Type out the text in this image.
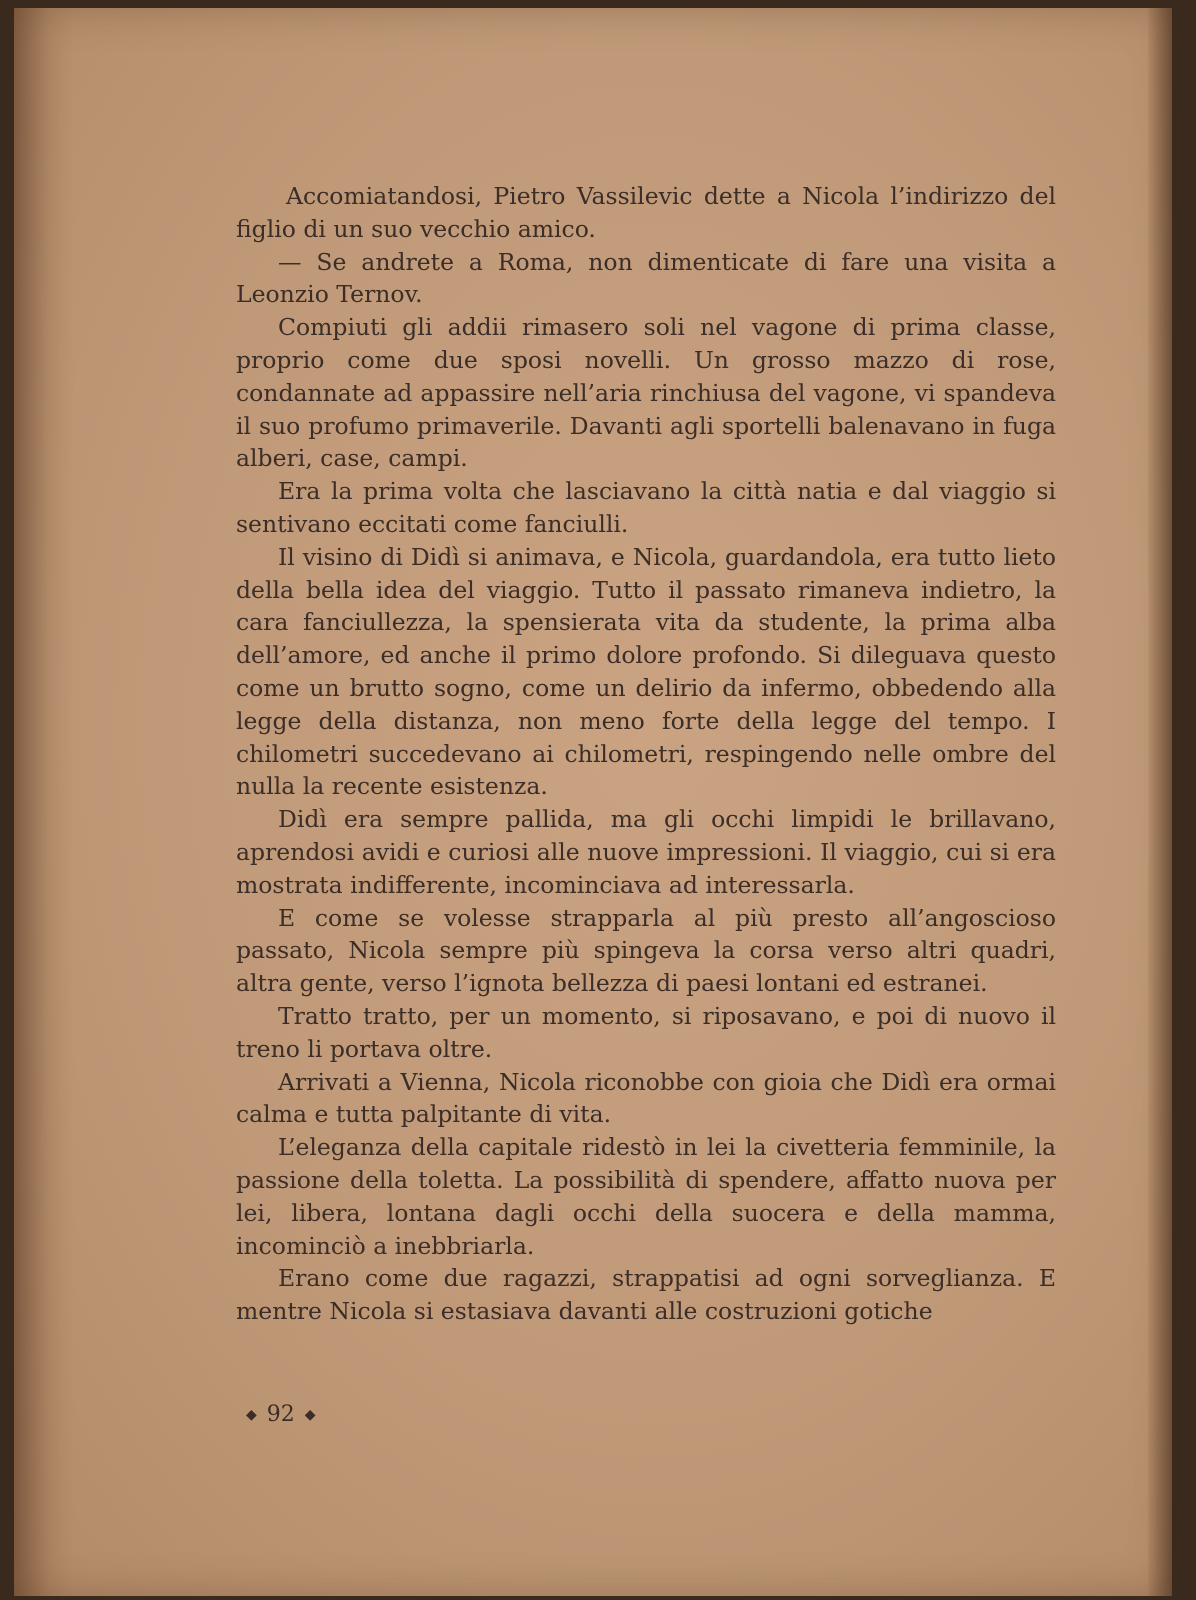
Accomiatandosi, Pietro Vassilevic dette a Nicola l’indirizzo del figlio di un suo vecchio amico.

— Se andrete a Roma, non dimenticate di fare una visita a Leonzio Ternov.

Compiuti gli addii rimasero soli nel vagone di prima classe, proprio come due sposi novelli. Un grosso mazzo di rose, condannate ad appassire nell’aria rinchiusa del vagone, vi spandeva il suo profumo primaverile. Davanti agli sportelli balenavano in fuga alberi, case, campi.

Era la prima volta che lasciavano la città natia e dal viaggio si sentivano eccitati come fanciulli.

Il visino di Didì si animava, e Nicola, guardandola, era tutto lieto della bella idea del viaggio. Tutto il passato rimaneva indietro, la cara fanciullezza, la spensierata vita da studente, la prima alba dell’amore, ed anche il primo dolore profondo. Si dileguava questo come un brutto sogno, come un delirio da infermo, obbedendo alla legge della distanza, non meno forte della legge del tempo. I chilometri succedevano ai chilometri, respingendo nelle ombre del nulla la recente esistenza.

Didì era sempre pallida, ma gli occhi limpidi le brillavano, aprendosi avidi e curiosi alle nuove impressioni. Il viaggio, cui si era mostrata indifferente, incominciava ad interessarla.

E come se volesse strapparla al più presto all’angoscioso passato, Nicola sempre più spingeva la corsa verso altri quadri, altra gente, verso l’ignota bellezza di paesi lontani ed estranei.

Tratto tratto, per un momento, si riposavano, e poi di nuovo il treno li portava oltre.

Arrivati a Vienna, Nicola riconobbe con gioia che Didì era ormai calma e tutta palpitante di vita.

L’eleganza della capitale ridestò in lei la civetteria femminile, la passione della toletta. La possibilità di spendere, affatto nuova per lei, libera, lontana dagli occhi della suocera e della mamma, incominciò a inebbriarla.

Erano come due ragazzi, strappatisi ad ogni sorveglianza. E mentre Nicola si estasiava davanti alle costruzioni gotiche

◆ 92 ◆
